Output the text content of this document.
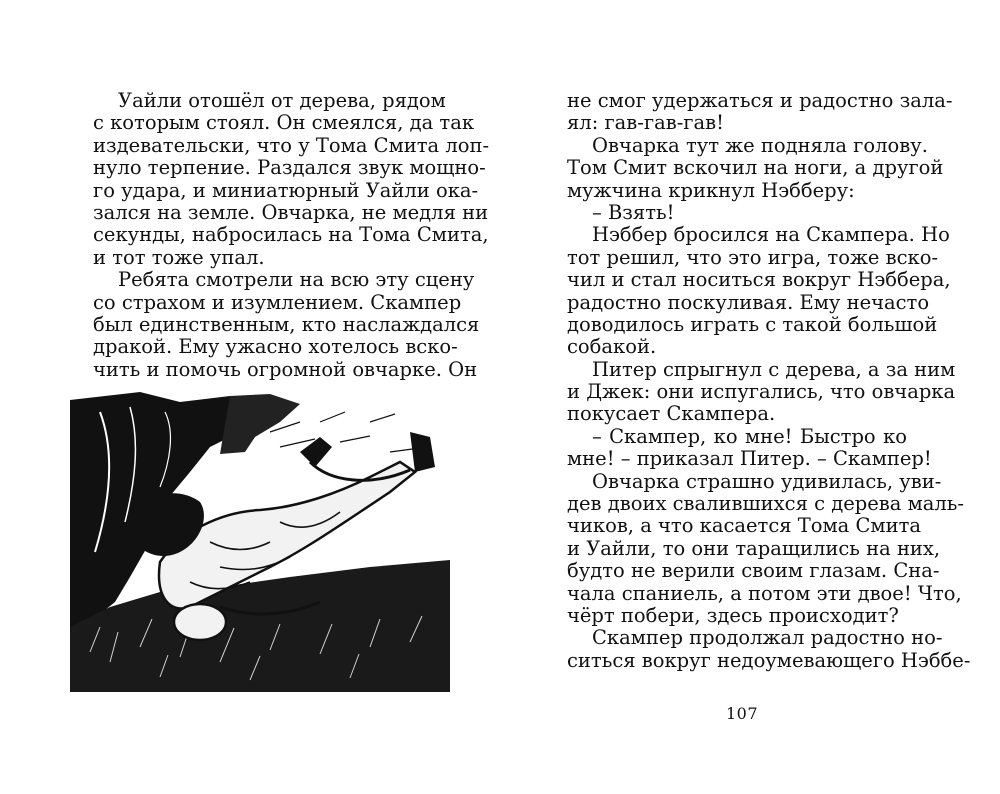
Уайли отошёл от дерева, рядом
с которым стоял. Он смеялся, да так
издевательски, что у Тома Смита лоп-
нуло терпение. Раздался звук мощно-
го удара, и миниатюрный Уайли ока-
зался на земле. Овчарка, не медля ни
секунды, набросилась на Тома Смита,
и тот тоже упал.
Ребята смотрели на всю эту сцену
со страхом и изумлением. Скампер
был единственным, кто наслаждался
дракой. Ему ужасно хотелось вско-
чить и помочь огромной овчарке. Он
не смог удержаться и радостно зала-
ял: гав-гав-гав!
Овчарка тут же подняла голову.
Том Смит вскочил на ноги, а другой
мужчина крикнул Нэбберу:
– Взять!
Нэббер бросился на Скампера. Но
тот решил, что это игра, тоже вско-
чил и стал носиться вокруг Нэббера,
радостно поскуливая. Ему нечасто
доводилось играть с такой большой
собакой.
Питер спрыгнул с дерева, а за ним
и Джек: они испугались, что овчарка
покусает Скампера.
– Скампер, ко мне! Быстро ко
мне! – приказал Питер. – Скампер!
Овчарка страшно удивилась, уви-
дев двоих свалившихся с дерева маль-
чиков, а что касается Тома Смита
и Уайли, то они таращились на них,
будто не верили своим глазам. Сна-
чала спаниель, а потом эти двое! Что,
чёрт побери, здесь происходит?
Скампер продолжал радостно но-
ситься вокруг недоумевающего Нэббе-
107
